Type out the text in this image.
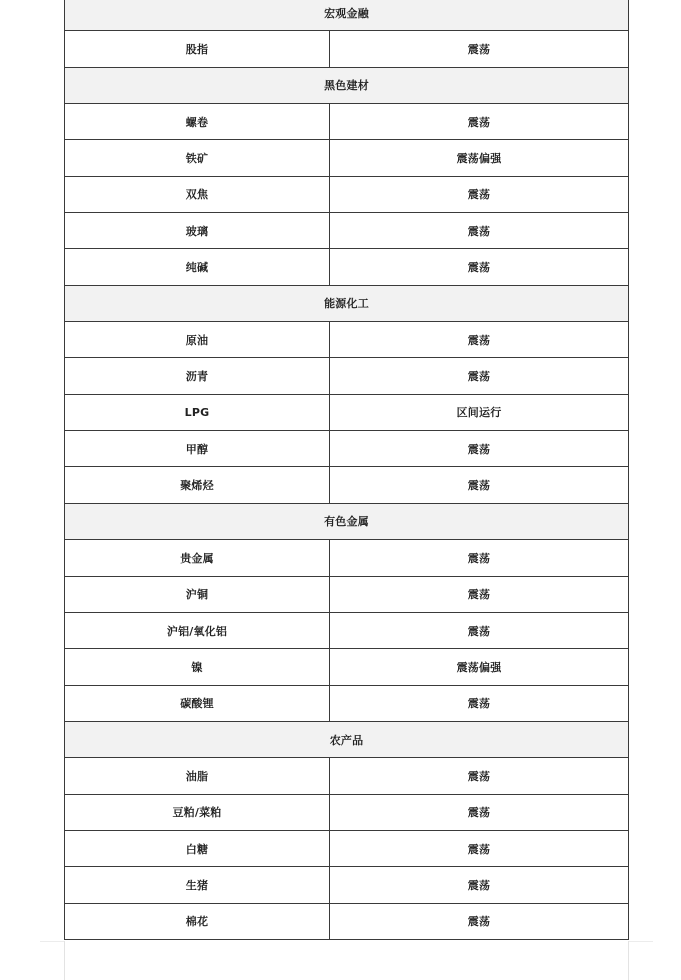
宏观金融	
股指	震荡
黑色建材	
螺卷	震荡
铁矿	震荡偏强
双焦	震荡
玻璃	震荡
纯碱	震荡
能源化工	
原油	震荡
沥青	震荡
LPG	区间运行
甲醇	震荡
聚烯烃	震荡
有色金属	
贵金属	震荡
沪铜	震荡
沪铝/氧化铝	震荡
镍	震荡偏强
碳酸锂	震荡
农产品	
油脂	震荡
豆粕/菜粕	震荡
白糖	震荡
生猪	震荡
棉花	震荡
